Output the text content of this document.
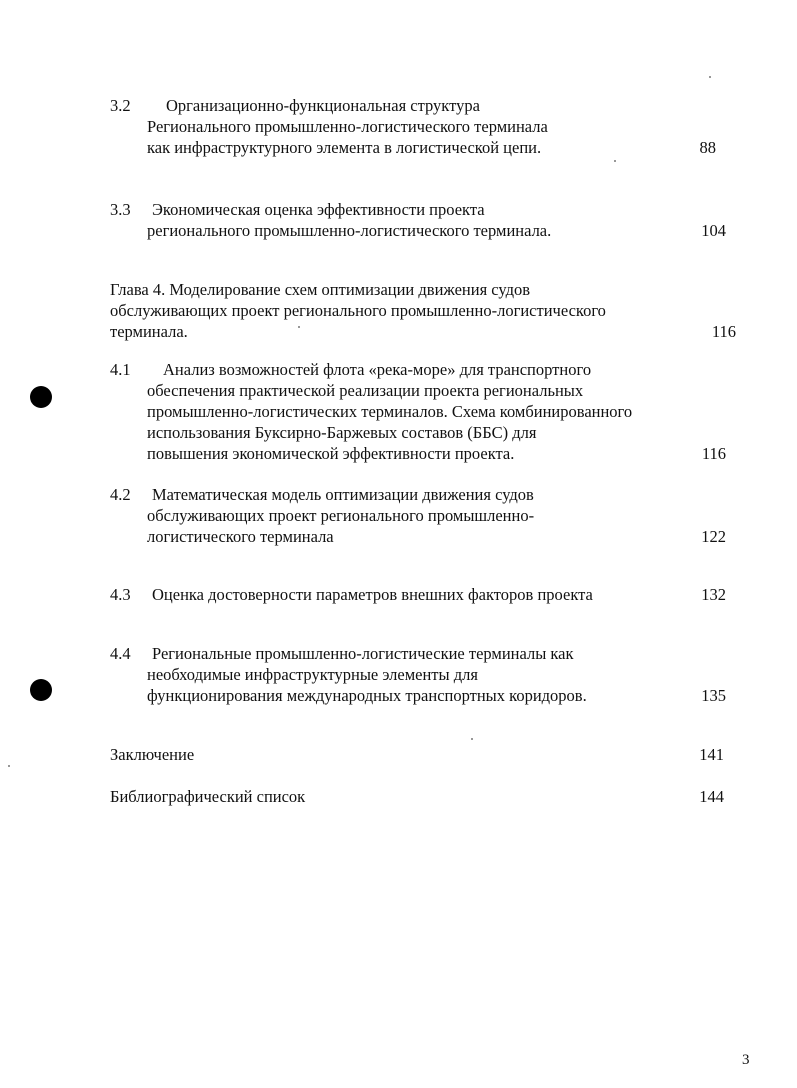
3.2 Организационно-функциональная структура
Регионального промышленно-логистического терминала
как инфраструктурного элемента в логистической цепи.	88
3.3 Экономическая оценка эффективности проекта
регионального промышленно-логистического терминала.	104
Глава 4. Моделирование схем оптимизации движения судов
обслуживающих проект регионального промышленно-логистического
терминала.	116
4.1 Анализ возможностей флота «река-море» для транспортного
обеспечения практической реализации проекта региональных
промышленно-логистических терминалов. Схема комбинированного
использования Буксирно-Баржевых составов (ББС) для
повышения экономической эффективности проекта.	116
4.2 Математическая модель оптимизации движения судов
обслуживающих проект регионального промышленно-
логистического терминала	122
4.3 Оценка достоверности параметров внешних факторов проекта	132
4.4 Региональные промышленно-логистические терминалы как
необходимые инфраструктурные элементы для
функционирования международных транспортных коридоров.	135
Заключение	141
Библиографический список	144
3
